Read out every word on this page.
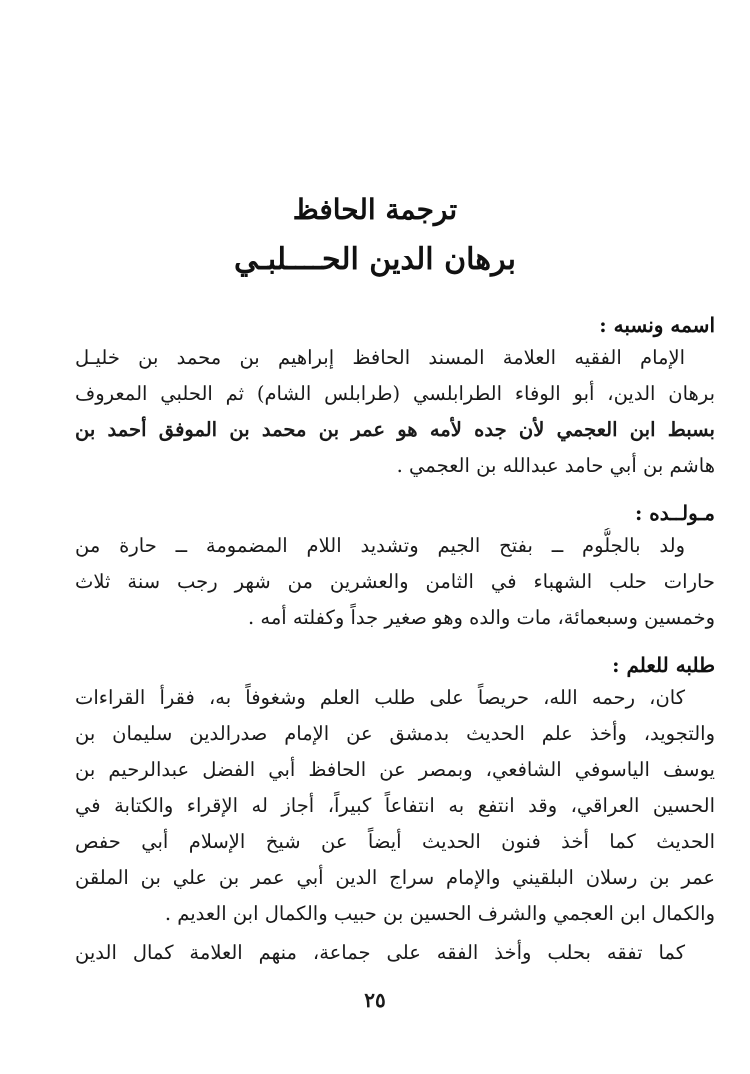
ترجمة الحافظ
برهان الدين الحــــلبـي
اسمه ونسبه :
الإمام الفقيه العلامة المسند الحافظ إبراهيم بن محمد بن خليـل
برهان الدين، أبو الوفاء الطرابلسي (طرابلس الشام) ثم الحلبي المعروف
بسبط ابن العجمي لأن جده لأمه هو عمر بن محمد بن الموفق أحمد بن
هاشم بن أبي حامد عبدالله بن العجمي .
مـولــده :
ولد بالجلُّوم ــ بفتح الجيم وتشديد اللام المضمومة ــ حارة من
حارات حلب الشهباء في الثامن والعشرين من شهر رجب سنة ثلاث
وخمسين وسبعمائة، مات والده وهو صغير جداً وكفلته أمه .
طلبه للعلم :
كان، رحمه الله، حريصاً على طلب العلم وشغوفاً به، فقرأ القراءات
والتجويد، وأخذ علم الحديث بدمشق عن الإمام صدرالدين سليمان بن
يوسف الياسوفي الشافعي، وبمصر عن الحافظ أبي الفضل عبدالرحيم بن
الحسين العراقي، وقد انتفع به انتفاعاً كبيراً، أجاز له الإقراء والكتابة في
الحديث كما أخذ فنون الحديث أيضاً عن شيخ الإسلام أبي حفص
عمر بن رسلان البلقيني والإمام سراج الدين أبي عمر بن علي بن الملقن
والكمال ابن العجمي والشرف الحسين بن حبيب والكمال ابن العديم .
كما تفقه بحلب وأخذ الفقه على جماعة، منهم العلامة كمال الدين
٢٥
